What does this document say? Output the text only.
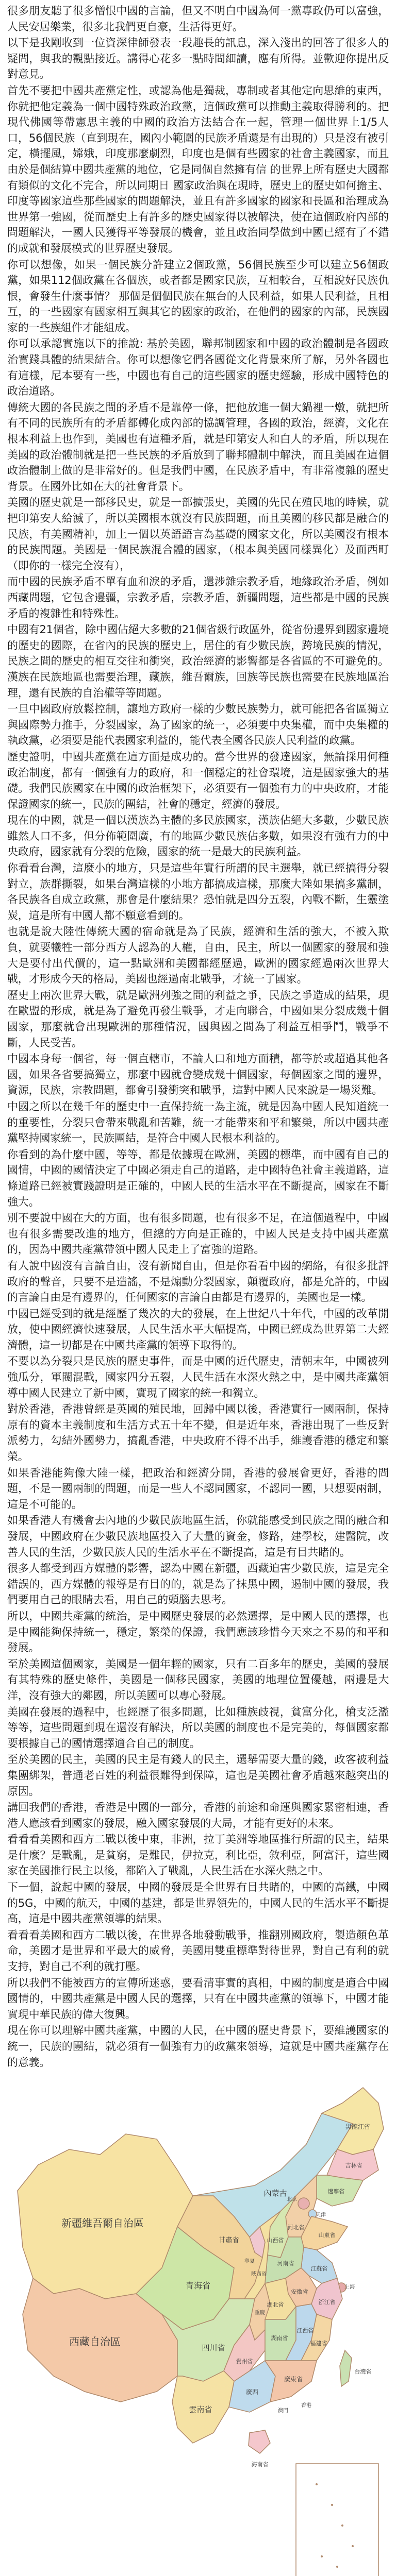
很多朋友聽了很多憎恨中國的言論，但又不明白中國為何一黨專政仍可以富強，人民安居樂業，很多北我們更自豪，生活得更好。

以下是我剛收到一位資深律師發表一段趣長的訊息，深入淺出的回答了很多人的疑問，與我的觀點接近。講得心花多一點時間細讀，應有所得。並歡迎你提出反對意見。

首先不要把中國共產黨定性，或認為他是獨裁，專制或者其他定向思維的東西，你就把他定義為一個中國特殊政治政黨，這個政黨可以推動主義取得勝利的。把現代佛國等帶憲思主義的中國的政治方法結合在一起，管理一個世界上1/5人口，56個民族（直到現在，國內小範圍的民族矛盾還是有出現的）只是沒有被引定，橫擺風，嫦娥，印度那麼劇烈，印度也是個有些國家的社會主義國家，而且由於是個結算中國共產黨的地位，它是同個自然擁有信 的世界上所有歷史大國都有類似的文化不完合，所以同期日 國家政治與在現時，歷史上的歷史如何擔主、印度等國家這些那些國家的問題解決，並且有許多國家的國家和長區和治理成為世界第一強國，從而歷史上有許多的歷史國家得以被解決，使在這個政府內部的問題解決，一國人民獲得平等發展的機會，並且政治同學做到中國已經有了不錯的成就和發展模式的世界歷史發展。

你可以想像，如果一個民族分許建立2個政黨，56個民族至少可以建立56個政黨，如果112個政黨在各個族，或者都是國家民族，互相較台，互相說好民族仇恨，會發生什麼事情？ 那個是個個民族在無台的人民利益，如果人民利益，且相互，的一些國家有國家相互與其它的國家的政治，在他們的國家的內部，民族國家的一些族組件才能組成。

你可以承認實施以下的推說: 基於美國，聯邦制國家和中國的政治體制是各國政治實踐具體的結果結合。你可以想像它們各國從文化背景來所了解，另外各國也有這樣，尼本要有一些，中國也有自己的這些國家的歷史經驗，形成中國特色的政治道路。

傳統大國的各民族之間的矛盾不是靠停一條，把他放進一個大鍋裡一燉，就把所有不同的民族所有的矛盾都轉化成內部的協調管理，各國的政治，經濟，文化在根本利益上也作到，美國也有這種矛盾，就是印第安人和白人的矛盾，所以現在美國的政治體制就是把一些民族的矛盾放到了聯邦體制中解決，而且美國在這個政治體制上做的是非常好的。但是我們中國，在民族矛盾中，有非常複雜的歷史背景。在國外比如在大的社會背景下。

美國的歷史就是一部移民史，就是一部擴張史，美國的先民在殖民地的時候，就把印第安人給滅了，所以美國根本就沒有民族問題，而且美國的移民都是融合的民族，有美國精神，加上一個以英語語言為基礎的國家文化，所以美國沒有根本的民族問題。美國是一個民族混合體的國家，（根本與美國同樣異化）及面西町（即你的一樣完全沒有），

而中國的民族矛盾不單有血和淚的矛盾，還涉雜宗教矛盾，地緣政治矛盾，例如西藏問題，它包含邊疆，宗教矛盾，宗教矛盾，新疆問題，這些都是中國的民族矛盾的複雜性和特殊性。

中國有21個省，除中國佔絕大多數的21個省級行政區外，從省份邊界到國家邊境的歷史的國際，在省內的民族的歷史上，居住的有少數民族，跨境民族的情況，民族之間的歷史的相互交往和衝突，政治經濟的影響都是各省區的不可避免的。漢族在民族地區也需要治理，藏族，維吾爾族，回族等民族也需要在民族地區治理，還有民族的自治權等等問題。

一旦中國政府放鬆控制，讓地方政府一樣的少數民族勢力，就可能把各省區獨立與國際勢力推手，分裂國家，為了國家的統一，必須要中央集權，而中央集權的執政黨，必須要是能代表國家利益的，能代表全國各民族人民利益的政黨。

歷史證明，中國共產黨在這方面是成功的。當今世界的發達國家，無論採用何種政治制度，都有一個強有力的政府，和一個穩定的社會環境，這是國家強大的基礎。我們民族國家在中國的政治框架下，必須要有一個強有力的中央政府，才能保證國家的統一，民族的團結，社會的穩定，經濟的發展。

現在的中國，就是一個以漢族為主體的多民族國家，漢族佔絕大多數，少數民族雖然人口不多，但分佈範圍廣，有的地區少數民族佔多數，如果沒有強有力的中央政府，國家就有分裂的危險，國家的統一是最大的民族利益。

你看看台灣，這麼小的地方，只是這些年實行所謂的民主選舉，就已經搞得分裂對立，族群撕裂，如果台灣這樣的小地方都搞成這樣，那麼大陸如果搞多黨制，各民族各自成立政黨，那會是什麼結果？恐怕就是四分五裂，內戰不斷，生靈塗炭，這是所有中國人都不願意看到的。

也就是說大陸性傳統大國的宿命就是為了民族，經濟和生活的強大，不被入欺負，就要犧牲一部分西方人認為的人權，自由，民主，所以一個國家的發展和強大是要付出代價的，這一點歐洲和美國都經歷過，歐洲的國家經過兩次世界大戰，才形成今天的格局，美國也經過南北戰爭，才統一了國家。

歷史上兩次世界大戰，就是歐洲列強之間的利益之爭，民族之爭造成的結果，現在歐盟的形成，就是為了避免再發生戰爭，才走向聯合，中國如果分裂成幾十個國家，那麼就會出現歐洲的那種情況，國與國之間為了利益互相爭鬥，戰爭不斷，人民受苦。

中國本身每一個省，每一個直轄市，不論人口和地方面積，都等於或超過其他各國，如果各省要搞獨立，那麼中國就會變成幾十個國家，每個國家之間的邊界，資源，民族，宗教問題，都會引發衝突和戰爭，這對中國人民來說是一場災難。

中國之所以在幾千年的歷史中一直保持統一為主流，就是因為中國人民知道統一的重要性，分裂只會帶來戰亂和苦難，統一才能帶來和平和繁榮，所以中國共產黨堅持國家統一，民族團結，是符合中國人民根本利益的。

你看到的為什麼中國，等等，都是依據現在歐洲，美國的標準，而中國有自己的國情，中國的國情決定了中國必須走自己的道路，走中國特色社會主義道路，這條道路已經被實踐證明是正確的，中國人民的生活水平在不斷提高，國家在不斷強大。

別不要說中國在大的方面，也有很多問題，也有很多不足，在這個過程中，中國也有很多需要改進的地方，但總的方向是正確的，中國人民是支持中國共產黨的，因為中國共產黨帶領中國人民走上了富強的道路。

有人說中國沒有言論自由，沒有新聞自由，但是你看看中國的網絡，有很多批評政府的聲音，只要不是造謠，不是煽動分裂國家，顛覆政府，都是允許的，中國的言論自由是有邊界的，任何國家的言論自由都是有邊界的，美國也是一樣。

中國已經受到的就是經歷了幾次的大的發展，在上世紀八十年代，中國的改革開放，使中國經濟快速發展，人民生活水平大幅提高，中國已經成為世界第二大經濟體，這一切都是在中國共產黨的領導下取得的。

不要以為分裂只是民族的歷史事件，而是中國的近代歷史，清朝末年，中國被列強瓜分，軍閥混戰，國家四分五裂，人民生活在水深火熱之中，是中國共產黨領導中國人民建立了新中國，實現了國家的統一和獨立。

對於香港，香港曾經是英國的殖民地，回歸中國以後，香港實行一國兩制，保持原有的資本主義制度和生活方式五十年不變，但是近年來，香港出現了一些反對派勢力，勾結外國勢力，搞亂香港，中央政府不得不出手，維護香港的穩定和繁榮。

如果香港能夠像大陸一樣，把政治和經濟分開，香港的發展會更好，香港的問題，不是一國兩制的問題，而是一些人不認同國家，不認同一國，只想要兩制，這是不可能的。

如果香港人有機會去內地的少數民族地區生活，你就能感受到民族之間的融合和發展，中國政府在少數民族地區投入了大量的資金，修路，建學校，建醫院，改善人民的生活，少數民族人民的生活水平在不斷提高，這是有目共睹的。

很多人都受到西方媒體的影響，認為中國在新疆，西藏迫害少數民族，這是完全錯誤的，西方媒體的報導是有目的的，就是為了抹黑中國，遏制中國的發展，我們要用自己的眼睛去看，用自己的頭腦去思考。

所以，中國共產黨的統治，是中國歷史發展的必然選擇，是中國人民的選擇，也是中國能夠保持統一，穩定，繁榮的保證，我們應該珍惜今天來之不易的和平和發展。

至於美國這個國家，美國是一個年輕的國家，只有二百多年的歷史，美國的發展有其特殊的歷史條件，美國是一個移民國家，美國的地理位置優越，兩邊是大洋，沒有強大的鄰國，所以美國可以專心發展。

美國在發展的過程中，也經歷了很多問題，比如種族歧視，貧富分化，槍支泛濫等等，這些問題到現在還沒有解決，所以美國的制度也不是完美的，每個國家都要根據自己的國情選擇適合自己的制度。

至於美國的民主，美國的民主是有錢人的民主，選舉需要大量的錢，政客被利益集團綁架，普通老百姓的利益很難得到保障，這也是美國社會矛盾越來越突出的原因。

講回我們的香港，香港是中國的一部分，香港的前途和命運與國家緊密相連，香港人應該看到國家的發展，融入國家發展的大局，才能有更好的未來。

看看看美國和西方二戰以後中東，非洲，拉丁美洲等地區推行所謂的民主，結果是什麼？是戰亂，是貧窮，是難民，伊拉克，利比亞，敘利亞，阿富汗，這些國家在美國推行民主以後，都陷入了戰亂，人民生活在水深火熱之中。

下一個，說起中國的發展，中國的發展是全世界有目共睹的，中國的高鐵，中國的5G，中國的航天，中國的基建，都是世界領先的，中國人民的生活水平不斷提高，這是中國共產黨領導的結果。

看看看美國和西方二戰以後，在世界各地發動戰爭，推翻別國政府，製造顏色革命，美國才是世界和平最大的威脅，美國用雙重標準對待世界，對自己有利的就支持，對自己不利的就打壓。

所以我們不能被西方的宣傳所迷惑，要看清事實的真相，中國的制度是適合中國國情的，中國共產黨是中國人民的選擇，只有在中國共產黨的領導下，中國才能實現中華民族的偉大復興。

現在你可以理解中國共產黨，中國的人民，在中國的歷史背景下，要維護國家的統一，民族的團結，就必須有一個強有力的政黨來領導，這就是中國共產黨存在的意義。

新疆維吾爾自治區
西藏自治區
青海省
甘肅省
內蒙古
黑龍江省
吉林省
遼寧省
北京
天津
河北省
山西省
山東省
寧夏
陝西省
河南省
江蘇省
安徽省
上海
四川省
重慶
湖北省	浙江省
貴州省
湖南省
江西省
福建省
台灣省
雲南省
廣西
廣東省
香港
澳門
海南省
